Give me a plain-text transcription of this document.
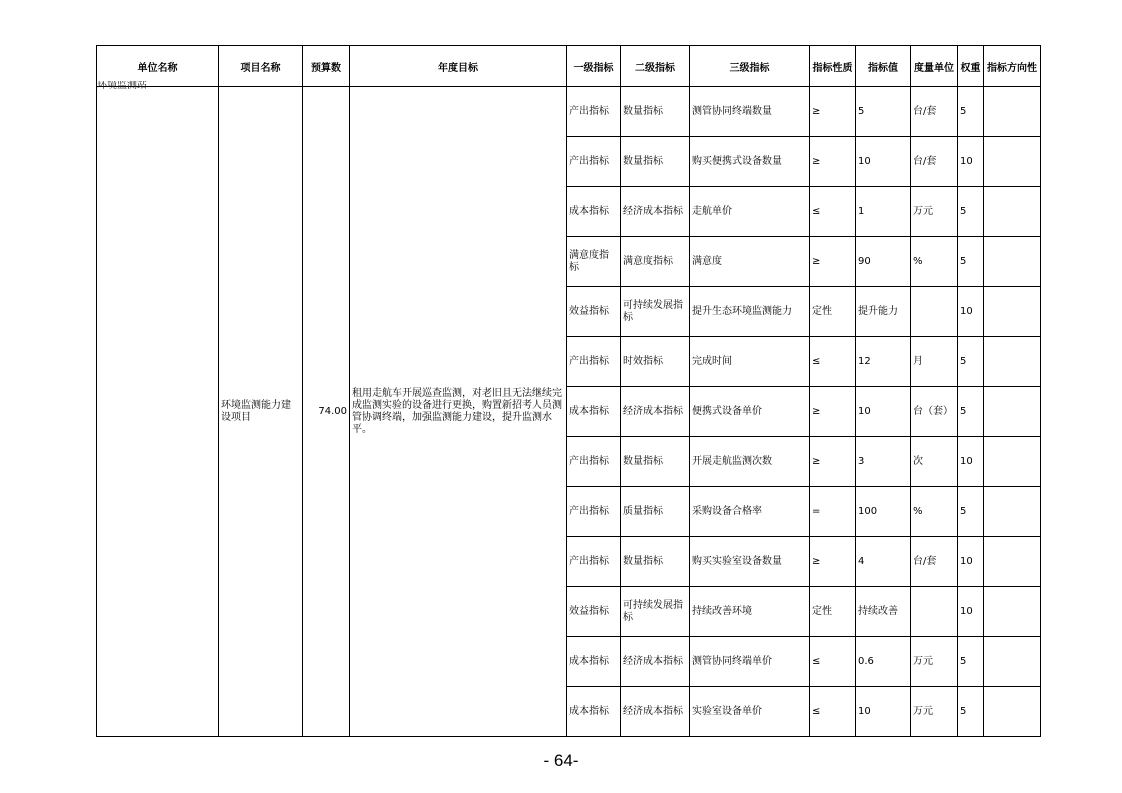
单位名称	项目名称	预算数	年度目标	一级指标	二级指标	三级指标	指标性质	指标值	度量单位	权重	指标方向性

环境监测站	环境监测能力建设项目	74.00	租用走航车开展巡查监测，对老旧且无法继续完成监测实验的设备进行更换，购置新招考人员测管协调终端，加强监测能力建设，提升监测水平。	产出指标	数量指标	测管协同终端数量	≥	5	台/套	5	
				产出指标	数量指标	购买便携式设备数量	≥	10	台/套	10	
				成本指标	经济成本指标	走航单价	≤	1	万元	5	
				满意度指标	满意度指标	满意度	≥	90	%	5	
				效益指标	可持续发展指标	提升生态环境监测能力	定性	提升能力		10	
				产出指标	时效指标	完成时间	≤	12	月	5	
				成本指标	经济成本指标	便携式设备单价	≥	10	台（套）	5	
				产出指标	数量指标	开展走航监测次数	≥	3	次	10	
				产出指标	质量指标	采购设备合格率	=	100	%	5	
				产出指标	数量指标	购买实验室设备数量	≥	4	台/套	10	
				效益指标	可持续发展指标	持续改善环境	定性	持续改善		10	
				成本指标	经济成本指标	测管协同终端单价	≤	0.6	万元	5	
				成本指标	经济成本指标	实验室设备单价	≤	10	万元	5	
- 64-
